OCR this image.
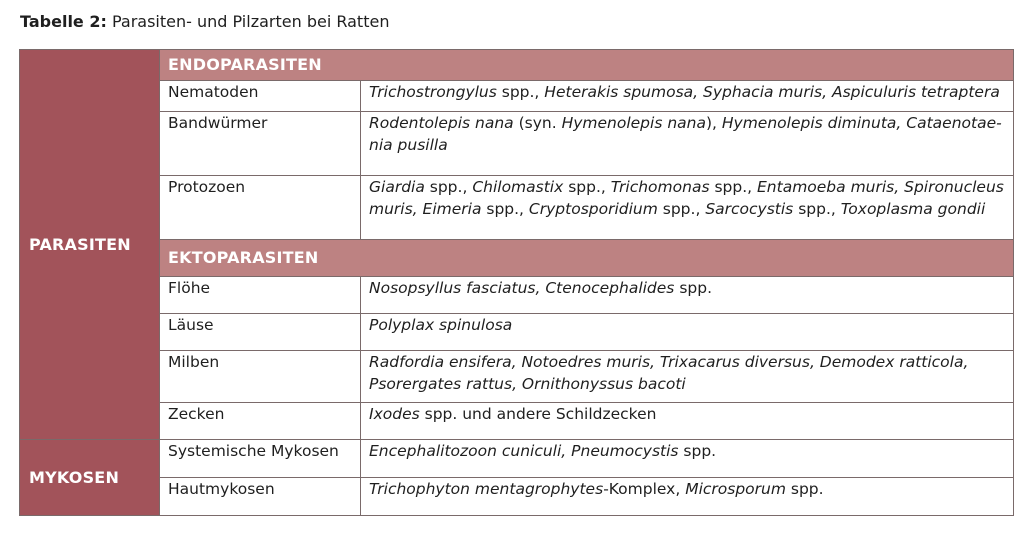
Tabelle 2: Parasiten- und Pilzarten bei Ratten
PARASITEN	ENDOPARASITEN	
	Nematoden	Trichostrongylus spp., Heterakis spumosa, Syphacia muris, Aspiculuris tetraptera
	Bandwürmer	Rodentolepis nana (syn. Hymenolepis nana), Hymenolepis diminuta, Cataenotae-
nia pusilla
	Protozoen	Giardia spp., Chilomastix spp., Trichomonas spp., Entamoeba muris, Spironucleus
muris, Eimeria spp., Cryptosporidium spp., Sarcocystis spp., Toxoplasma gondii
	EKTOPARASITEN	
	Flöhe	Nosopsyllus fasciatus, Ctenocephalides spp.
	Läuse	Polyplax spinulosa
	Milben	Radfordia ensifera, Notoedres muris, Trixacarus diversus, Demodex ratticola,
Psorergates rattus, Ornithonyssus bacoti
	Zecken	Ixodes spp. und andere Schildzecken

MYKOSEN	Systemische Mykosen	Encephalitozoon cuniculi, Pneumocystis spp.
	Hautmykosen	Trichophyton mentagrophytes-Komplex, Microsporum spp.
